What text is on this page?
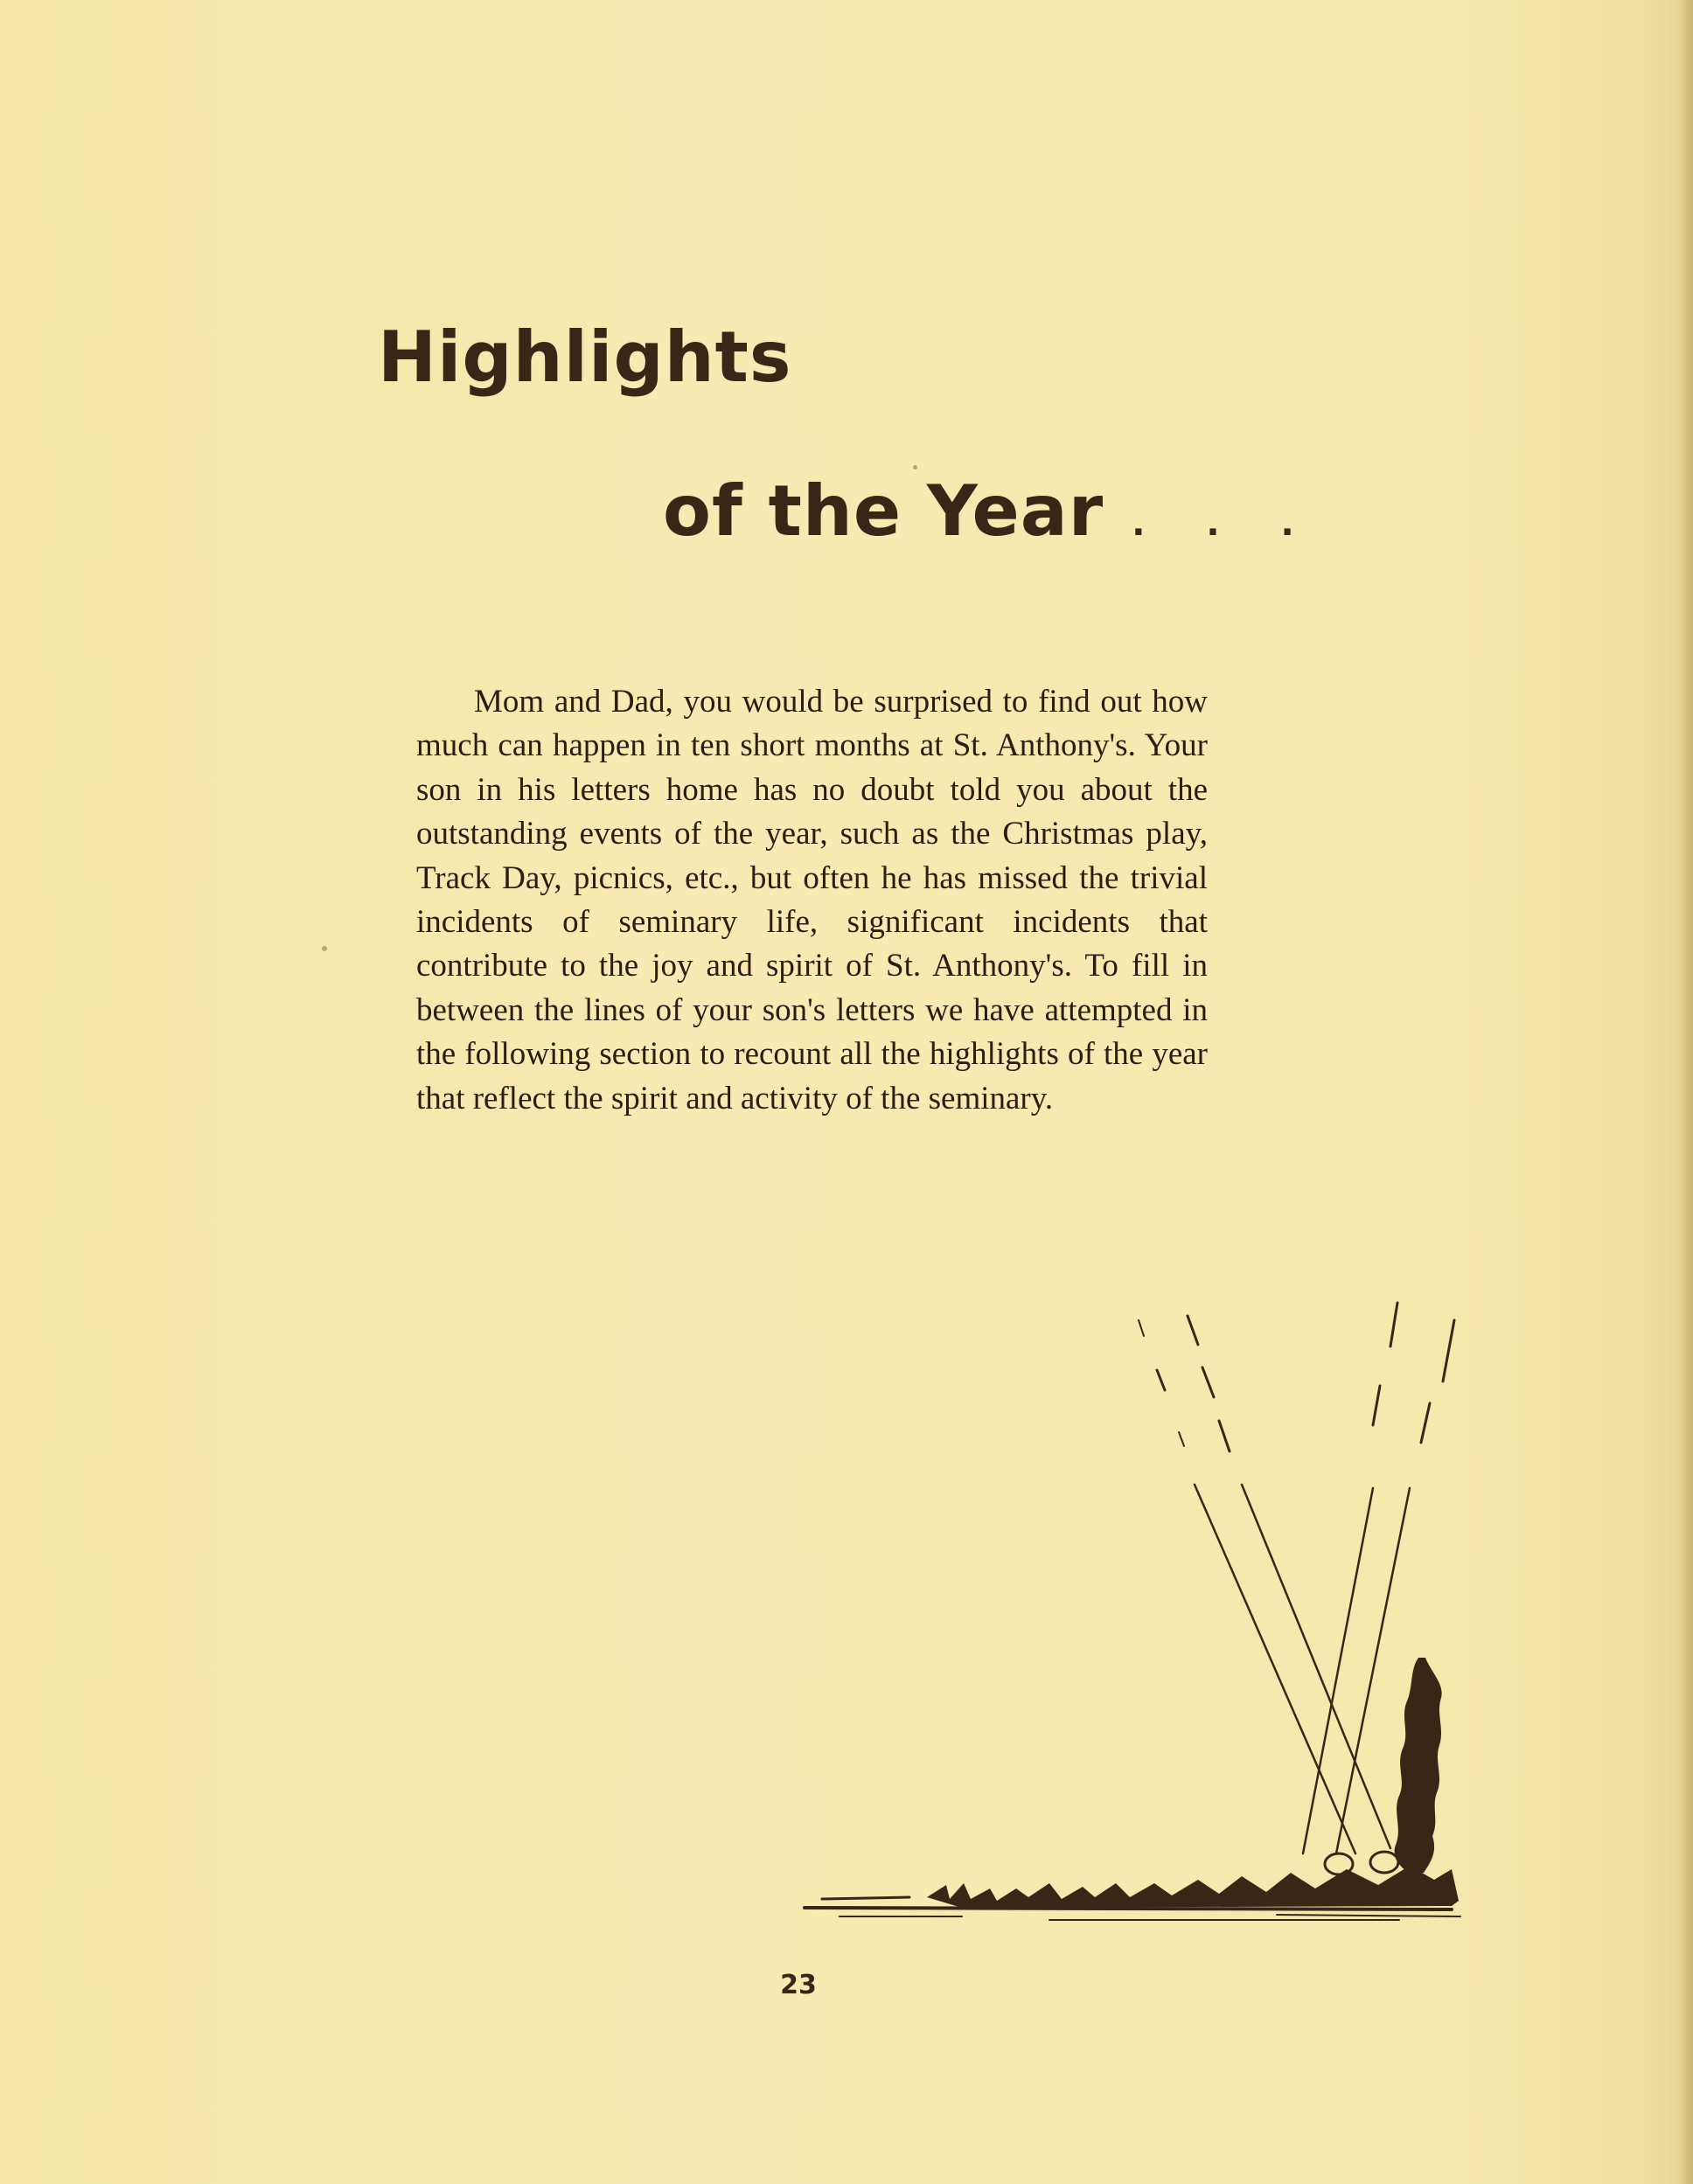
Highlights
of the Year . . .

Mom and Dad, you would be surprised to find out how much can happen in ten short months at St. Anthony's. Your son in his letters home has no doubt told you about the outstanding events of the year, such as the Christmas play, Track Day, picnics, etc., but often he has missed the trivial incidents of seminary life, significant incidents that contribute to the joy and spirit of St. Anthony's. To fill in between the lines of your son's letters we have attempted in the following section to recount all the highlights of the year that reflect the spirit and activity of the seminary.

23
